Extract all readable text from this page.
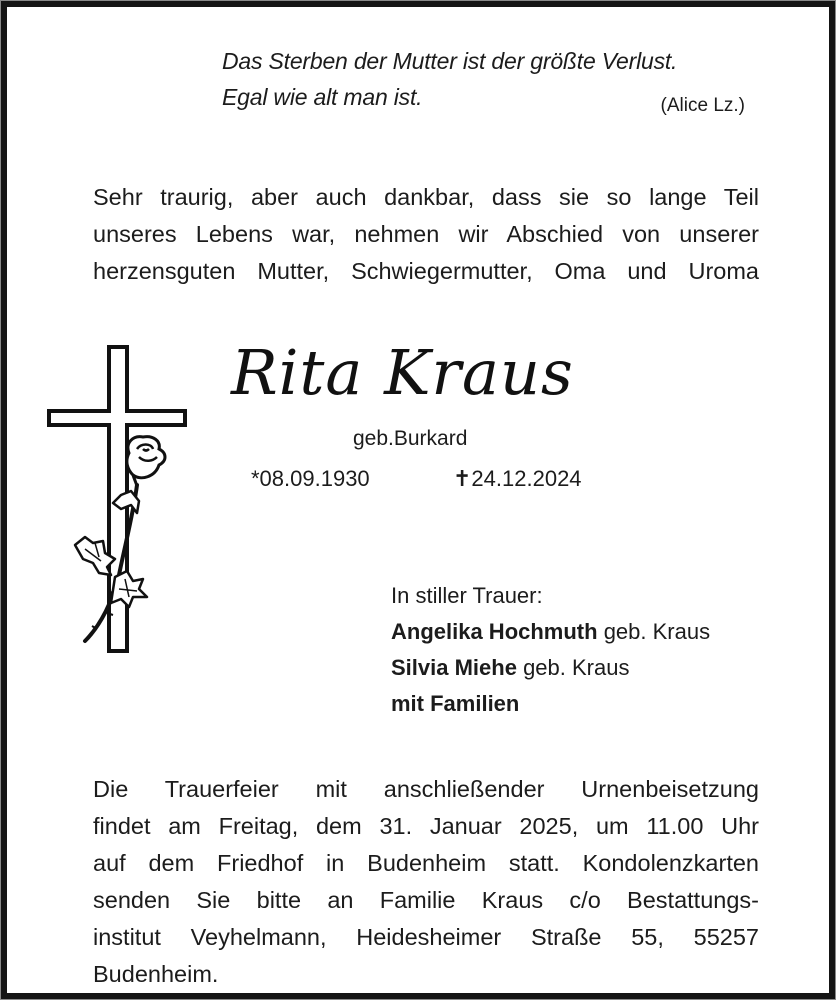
Das Sterben der Mutter ist der größte Verlust.
Egal wie alt man ist.	(Alice Lz.)
Sehr traurig, aber auch dankbar, dass sie so lange Teil
unseres Lebens war, nehmen wir Abschied von unserer
herzensguten Mutter, Schwiegermutter, Oma und Uroma
Rita Kraus
geb.Burkard
*08.09.1930	✝24.12.2024
In stiller Trauer:
Angelika Hochmuth geb. Kraus
Silvia Miehe geb. Kraus
mit Familien
Die Trauerfeier mit anschließender Urnenbeisetzung
findet am Freitag, dem 31. Januar 2025, um 11.00 Uhr
auf dem Friedhof in Budenheim statt. Kondolenzkarten
senden Sie bitte an Familie Kraus c/o Bestattungs-
institut Veyhelmann, Heidesheimer Straße 55, 55257
Budenheim.
